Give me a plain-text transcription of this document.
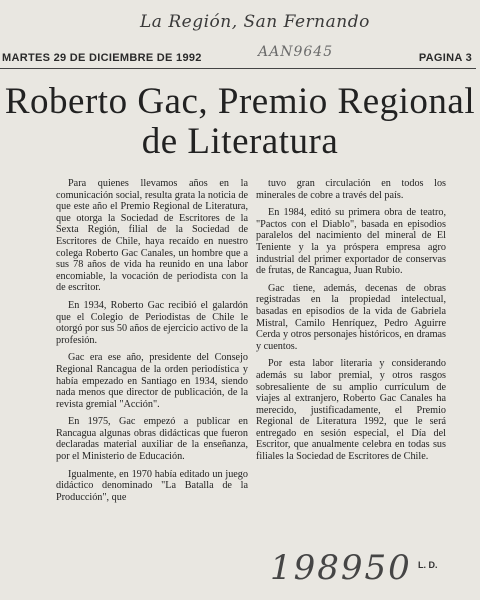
La Región, San Fernando
AAN9645
MARTES 29 DE DICIEMBRE DE 1992	PAGINA 3
Roberto Gac, Premio Regional de Literatura

Para quienes llevamos años en la comunicación social, resulta grata la noticia de que este año el Premio Regional de Literatura, que otorga la Sociedad de Escritores de la Sexta Región, filial de la Sociedad de Escritores de Chile, haya recaído en nuestro colega Roberto Gac Canales, un hombre que a sus 78 años de vida ha reunido en una labor encomiable, la vocación de periodista con la de escritor.

En 1934, Roberto Gac recibió el galardón que el Colegio de Periodistas de Chile le otorgó por sus 50 años de ejercicio activo de la profesión.

Gac era ese año, presidente del Consejo Regional Rancagua de la orden periodística y había empezado en Santiago en 1934, siendo nada menos que director de publicación, de la revista gremial "Acción".

En 1975, Gac empezó a publicar en Rancagua algunas obras didácticas que fueron declaradas material auxiliar de la enseñanza, por el Ministerio de Educación.

Igualmente, en 1970 había editado un juego didáctico denominado "La Batalla de la Producción", que

tuvo gran circulación en todos los minerales de cobre a través del país.

En 1984, editó su primera obra de teatro, "Pactos con el Diablo", basada en episodios paralelos del nacimiento del mineral de El Teniente y la ya próspera empresa agro industrial del primer exportador de conservas de frutas, de Rancagua, Juan Rubio.

Gac tiene, además, decenas de obras registradas en la propiedad intelectual, basadas en episodios de la vida de Gabriela Mistral, Camilo Henríquez, Pedro Aguirre Cerda y otros personajes históricos, en dramas y cuentos.

Por esta labor literaria y considerando además su labor premial, y otros rasgos sobresaliente de su amplio currículum de viajes al extranjero, Roberto Gac Canales ha merecido, justificadamente, el Premio Regional de Literatura 1992, que le será entregado en sesión especial, el Día del Escritor, que anualmente celebra en todas sus filiales la Sociedad de Escritores de Chile.

198950 L. D.
